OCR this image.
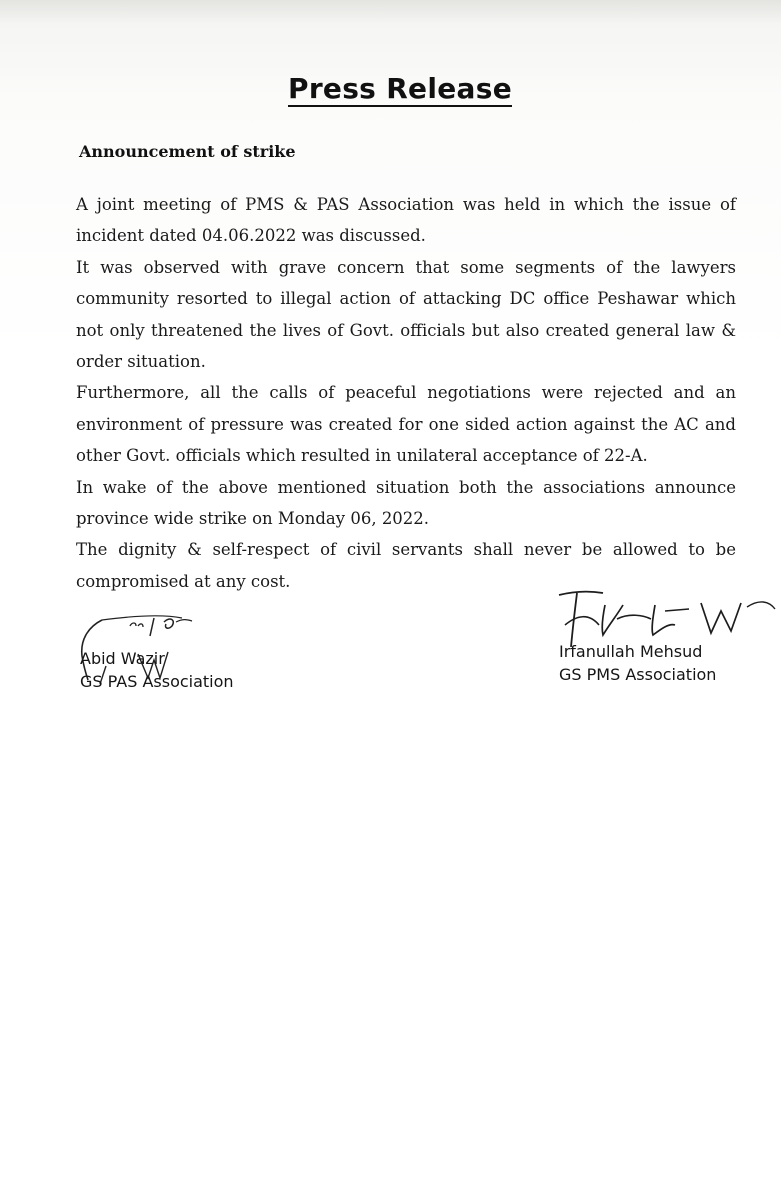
Press Release
Announcement of strike

A joint meeting of PMS & PAS Association was held in which the issue of incident dated 04.06.2022 was discussed.

It was observed with grave concern that some segments of the lawyers community resorted to illegal action of attacking DC office Peshawar which not only threatened the lives of Govt. officials but also created general law & order situation.

Furthermore, all the calls of peaceful negotiations were rejected and an environment of pressure was created for one sided action against the AC and other Govt. officials which resulted in unilateral acceptance of 22-A.

In wake of the above mentioned situation both the associations announce province wide strike on Monday 06, 2022.

The dignity & self-respect of civil servants shall never be allowed to be compromised at any cost.

Abid Wazir
GS PAS Association
Irfanullah Mehsud
GS PMS Association
